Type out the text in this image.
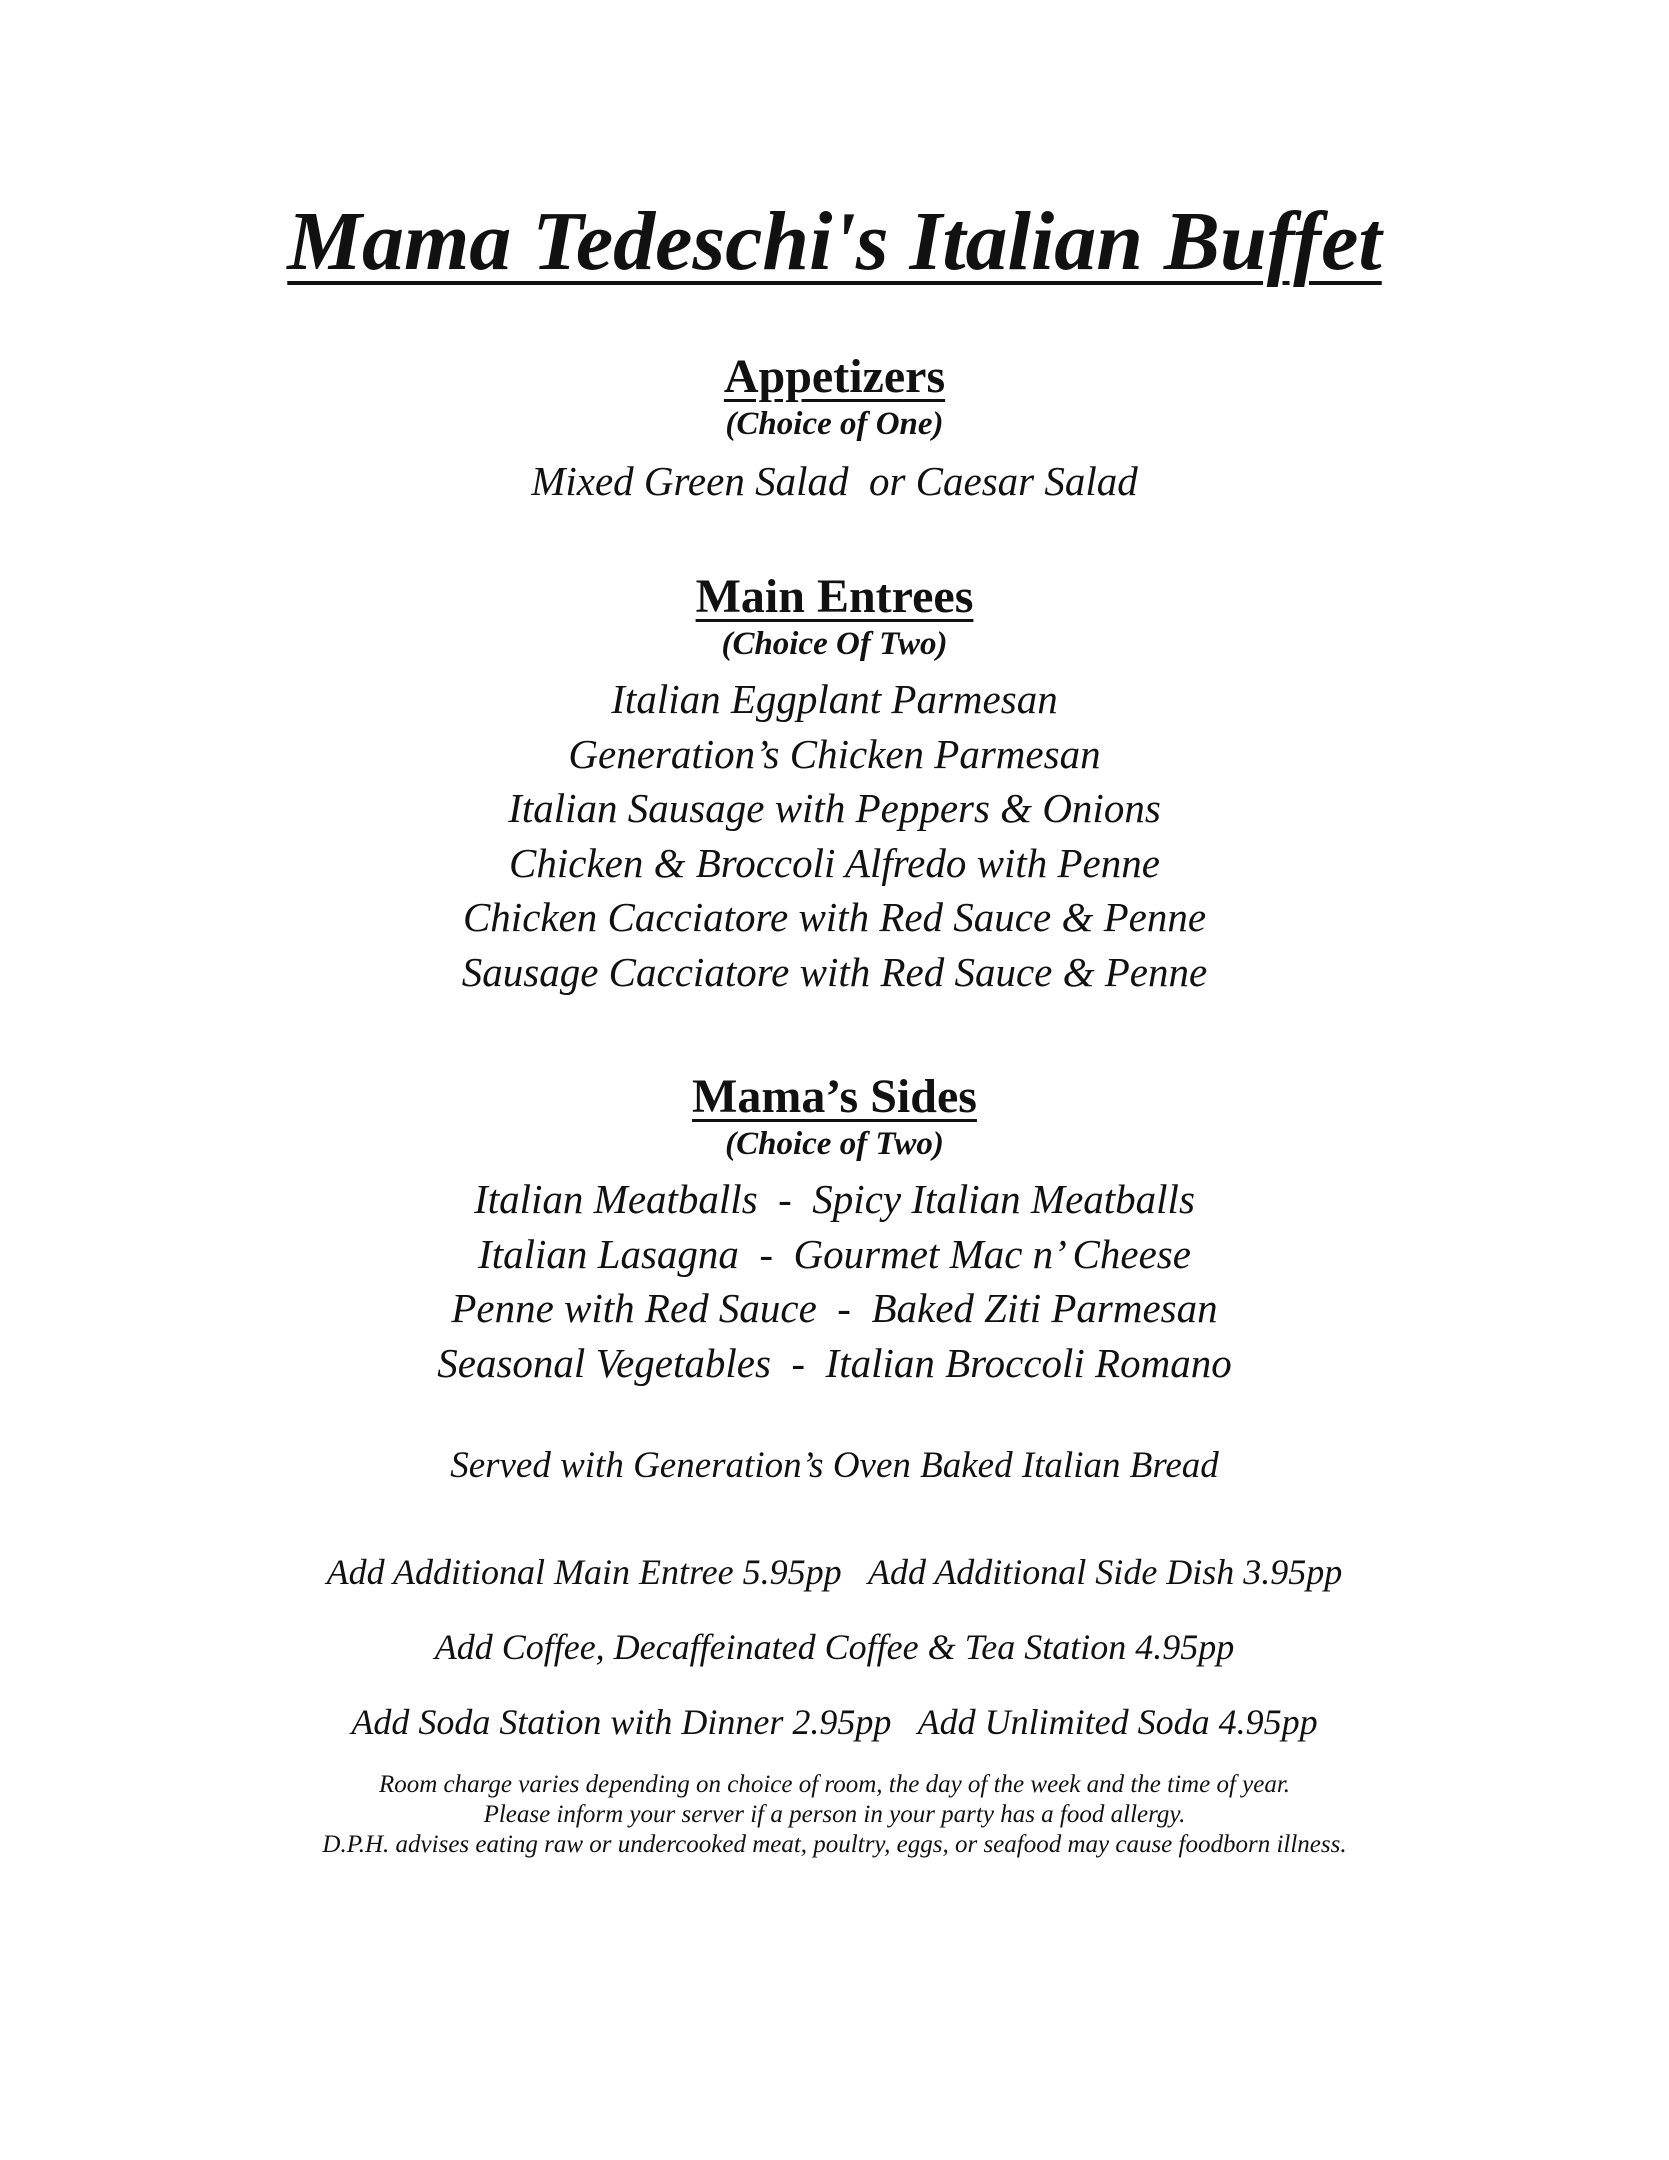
Mama Tedeschi's Italian Buffet
Appetizers

(Choice of One)

Mixed Green Salad  or Caesar Salad
Main Entrees

(Choice Of Two)

Italian Eggplant Parmesan
Generation’s Chicken Parmesan
Italian Sausage with Peppers & Onions
Chicken & Broccoli Alfredo with Penne
Chicken Cacciatore with Red Sauce & Penne
Sausage Cacciatore with Red Sauce & Penne
Mama’s Sides

(Choice of Two)

Italian Meatballs  -  Spicy Italian Meatballs
Italian Lasagna  -  Gourmet Mac n’ Cheese
Penne with Red Sauce  -  Baked Ziti Parmesan
Seasonal Vegetables  -  Italian Broccoli Romano

Served with Generation’s Oven Baked Italian Bread

Add Additional Main Entree 5.95pp   Add Additional Side Dish 3.95pp
Add Coffee, Decaffeinated Coffee & Tea Station 4.95pp
Add Soda Station with Dinner 2.95pp   Add Unlimited Soda 4.95pp
Room charge varies depending on choice of room, the day of the week and the time of year.
Please inform your server if a person in your party has a food allergy.
D.P.H. advises eating raw or undercooked meat, poultry, eggs, or seafood may cause foodborn illness.
